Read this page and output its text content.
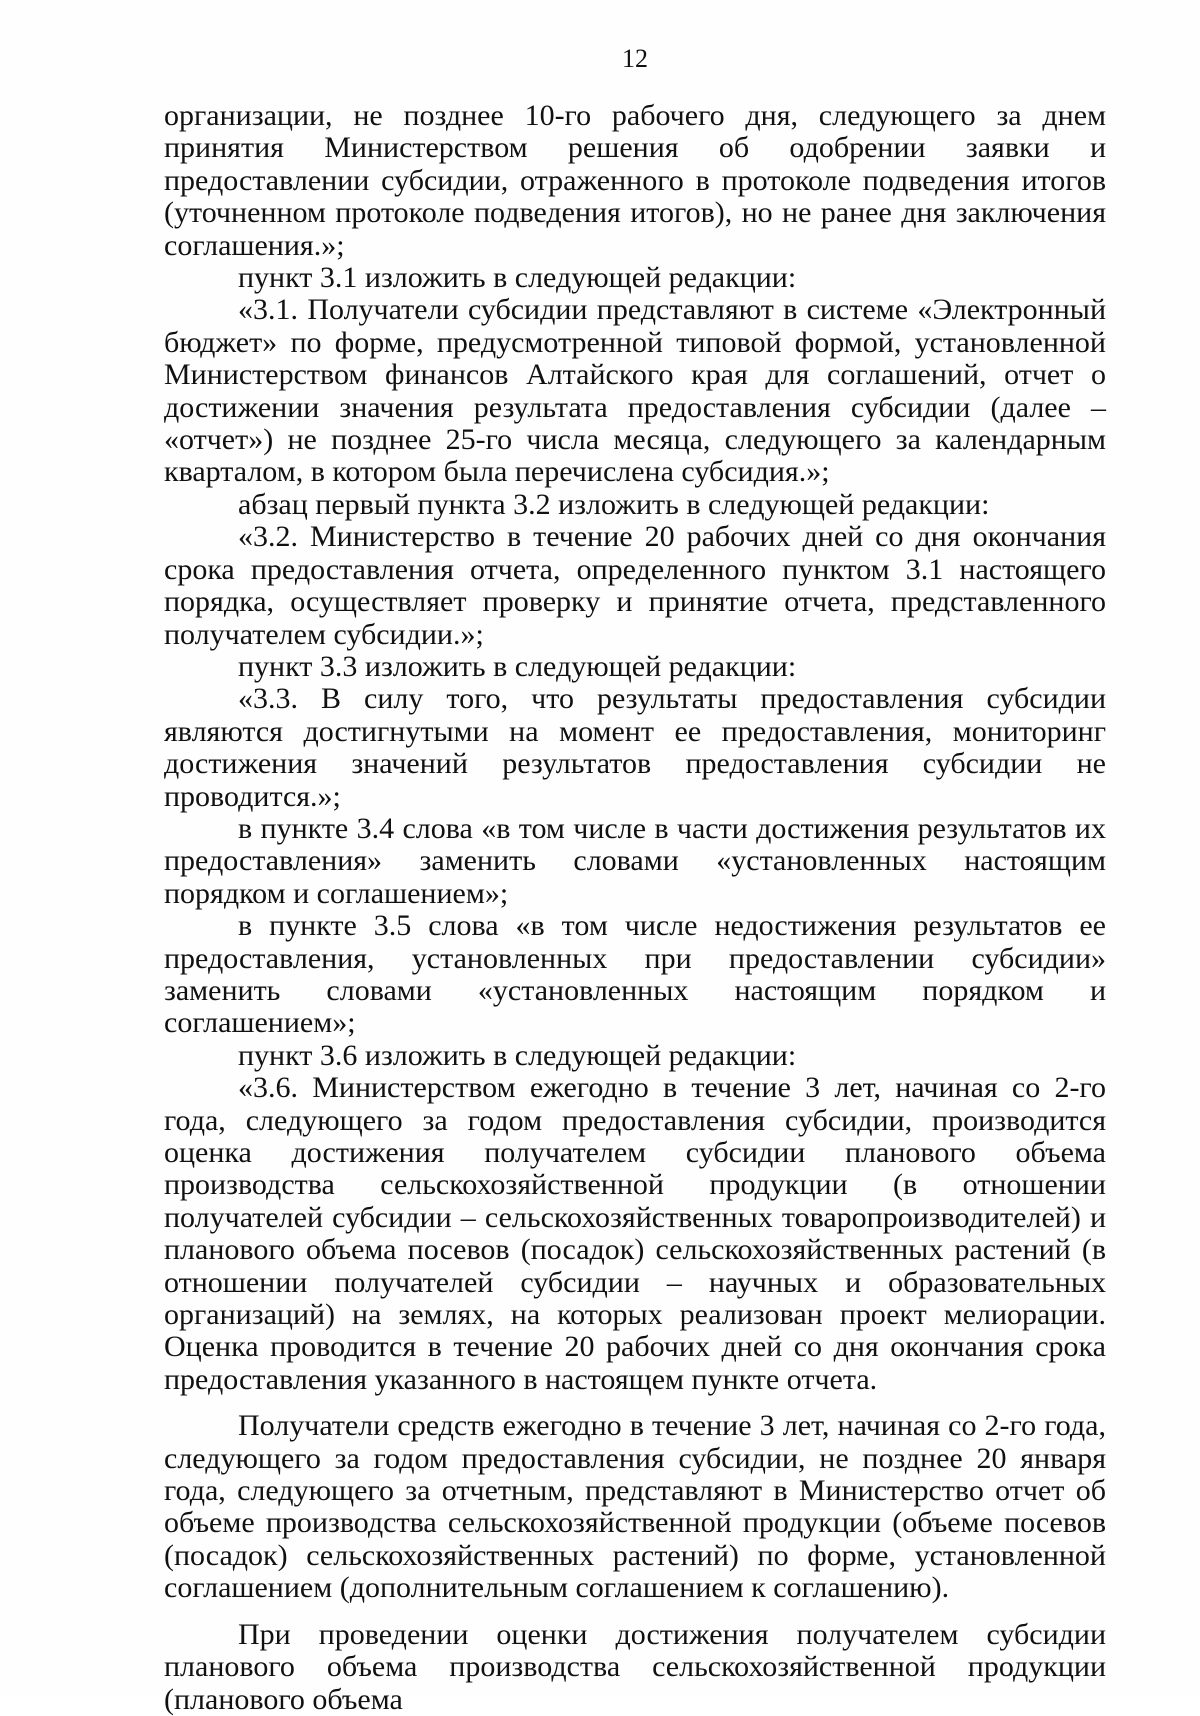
12

организации, не позднее 10-го рабочего дня, следующего за днем принятия Министерством решения об одобрении заявки и предоставлении субсидии, отраженного в протоколе подведения итогов (уточненном протоколе подведения итогов), но не ранее дня заключения соглашения.»;

пункт 3.1 изложить в следующей редакции:

«3.1. Получатели субсидии представляют в системе «Электронный бюджет» по форме, предусмотренной типовой формой, установленной Министерством финансов Алтайского края для соглашений, отчет о достижении значения результата предоставления субсидии (далее – «отчет») не позднее 25-го числа месяца, следующего за календарным кварталом, в котором была перечислена субсидия.»;

абзац первый пункта 3.2 изложить в следующей редакции:

«3.2. Министерство в течение 20 рабочих дней со дня окончания срока предоставления отчета, определенного пунктом 3.1 настоящего порядка, осуществляет проверку и принятие отчета, представленного получателем субсидии.»;

пункт 3.3 изложить в следующей редакции:

«3.3. В силу того, что результаты предоставления субсидии являются достигнутыми на момент ее предоставления, мониторинг достижения значений результатов предоставления субсидии не проводится.»;

в пункте 3.4 слова «в том числе в части достижения результатов их предоставления» заменить словами «установленных настоящим порядком и соглашением»;

в пункте 3.5 слова «в том числе недостижения результатов ее предоставления, установленных при предоставлении субсидии» заменить словами «установленных настоящим порядком и соглашением»;

пункт 3.6 изложить в следующей редакции:

«3.6. Министерством ежегодно в течение 3 лет, начиная со 2-го года, следующего за годом предоставления субсидии, производится оценка достижения получателем субсидии планового объема производства сельскохозяйственной продукции (в отношении получателей субсидии – сельскохозяйственных товаропроизводителей) и планового объема посевов (посадок) сельскохозяйственных растений (в отношении получателей субсидии – научных и образовательных организаций) на землях, на которых реализован проект мелиорации. Оценка проводится в течение 20 рабочих дней со дня окончания срока предоставления указанного в настоящем пункте отчета.

Получатели средств ежегодно в течение 3 лет, начиная со 2-го года, следующего за годом предоставления субсидии, не позднее 20 января года, следующего за отчетным, представляют в Министерство отчет об объеме производства сельскохозяйственной продукции (объеме посевов (посадок) сельскохозяйственных растений) по форме, установленной соглашением (дополнительным соглашением к соглашению).

При проведении оценки достижения получателем субсидии планового объема производства сельскохозяйственной продукции (планового объема
